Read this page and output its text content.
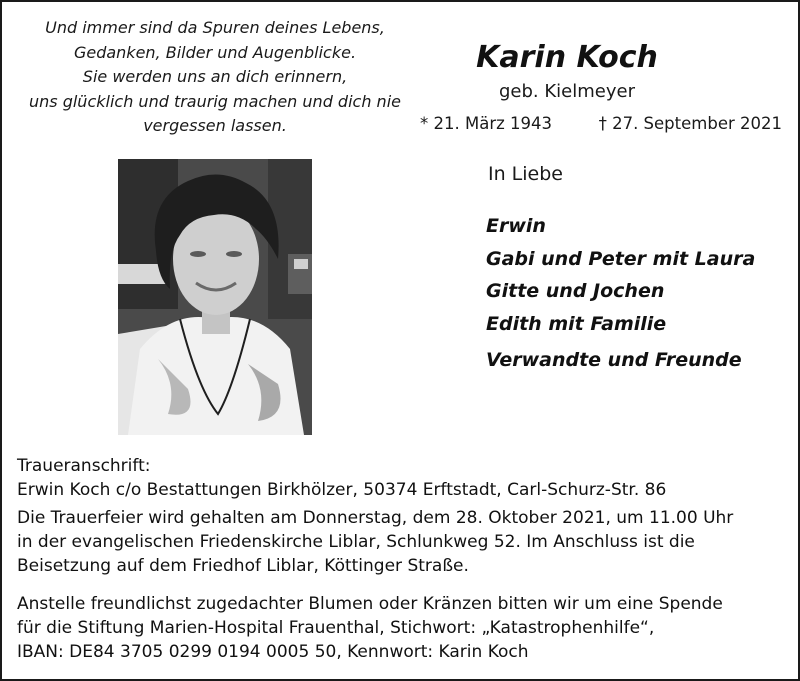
Und immer sind da Spuren deines Lebens,
Gedanken, Bilder und Augenblicke.
Sie werden uns an dich erinnern,
uns glücklich und traurig machen und dich nie
vergessen lassen.
Karin Koch
geb. Kielmeyer
* 21. März 1943	† 27. September 2021
In Liebe
Erwin
Gabi und Peter mit Laura
Gitte und Jochen
Edith mit Familie
Verwandte und Freunde
Traueranschrift:
Erwin Koch c/o Bestattungen Birkhölzer, 50374 Erftstadt, Carl-Schurz-Str. 86
Die Trauerfeier wird gehalten am Donnerstag, dem 28. Oktober 2021, um 11.00 Uhr
in der evangelischen Friedenskirche Liblar, Schlunkweg 52. Im Anschluss ist die
Beisetzung auf dem Friedhof Liblar, Köttinger Straße.
Anstelle freundlichst zugedachter Blumen oder Kränzen bitten wir um eine Spende
für die Stiftung Marien-Hospital Frauenthal, Stichwort: „Katastrophenhilfe“,
IBAN: DE84 3705 0299 0194 0005 50, Kennwort: Karin Koch
